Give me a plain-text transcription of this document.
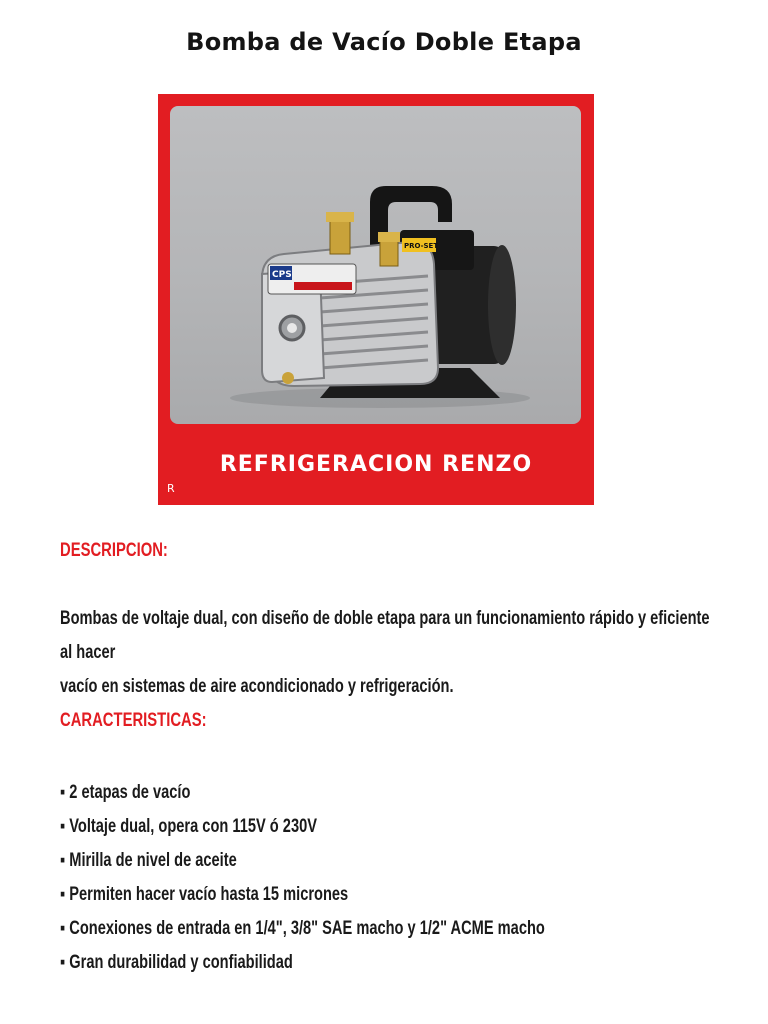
Bomba de Vacío Doble Etapa
CPS
PRO-SET
REFRIGERACION RENZO
R
DESCRIPCION:
Bombas de voltaje dual, con diseño de doble etapa para un funcionamiento rápido y eficiente al hacer
vacío en sistemas de aire acondicionado y refrigeración.
CARACTERISTICAS:
▪ 2 etapas de vacío
▪ Voltaje dual, opera con 115V ó 230V
▪ Mirilla de nivel de aceite
▪ Permiten hacer vacío hasta 15 micrones
▪ Conexiones de entrada en 1/4", 3/8" SAE macho y 1/2" ACME macho
▪ Gran durabilidad y confiabilidad
